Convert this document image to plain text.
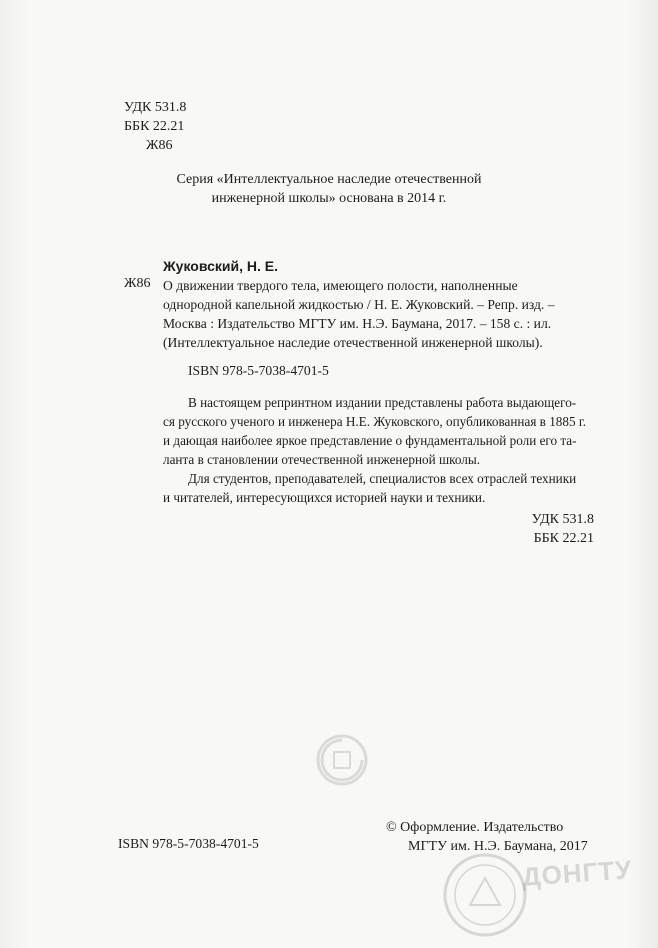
УДК 531.8
ББК 22.21
Ж86
Серия «Интеллектуальное наследие отечественной
инженерной школы» основана в 2014 г.
Жуковский, Н. Е.
Ж86 О движении твердого тела, имеющего полости, наполненные
однородной капельной жидкостью / Н. Е. Жуковский. – Репр. изд. –
Москва : Издательство МГТУ им. Н.Э. Баумана, 2017. – 158 с. : ил.
(Интеллектуальное наследие отечественной инженерной школы).
ISBN 978-5-7038-4701-5
В настоящем репринтном издании представлены работа выдающего-
ся русского ученого и инженера Н.Е. Жуковского, опубликованная в 1885 г.
и дающая наиболее яркое представление о фундаментальной роли его та-
ланта в становлении отечественной инженерной школы.
Для студентов, преподавателей, специалистов всех отраслей техники
и читателей, интересующихся историей науки и техники.
УДК 531.8
ББК 22.21
ISBN 978-5-7038-4701-5
© Оформление. Издательство
МГТУ им. Н.Э. Баумана, 2017
ДОНГТУ
